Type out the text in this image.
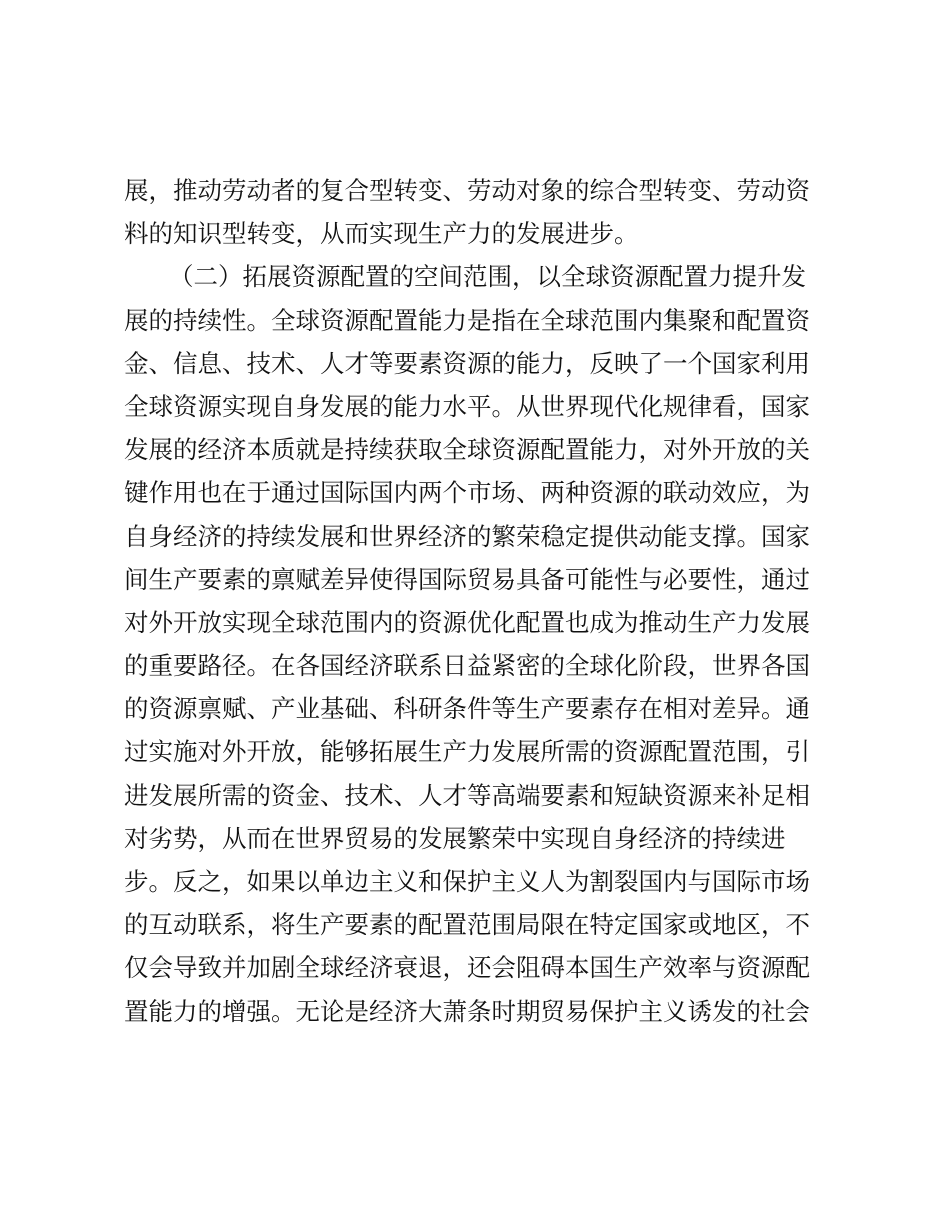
展，推动劳动者的复合型转变、劳动对象的综合型转变、劳动资

料的知识型转变，从而实现生产力的发展进步。

（二）拓展资源配置的空间范围，以全球资源配置力提升发

展的持续性。全球资源配置能力是指在全球范围内集聚和配置资

金、信息、技术、人才等要素资源的能力，反映了一个国家利用

全球资源实现自身发展的能力水平。从世界现代化规律看，国家

发展的经济本质就是持续获取全球资源配置能力，对外开放的关

键作用也在于通过国际国内两个市场、两种资源的联动效应，为

自身经济的持续发展和世界经济的繁荣稳定提供动能支撑。国家

间生产要素的禀赋差异使得国际贸易具备可能性与必要性，通过

对外开放实现全球范围内的资源优化配置也成为推动生产力发展

的重要路径。在各国经济联系日益紧密的全球化阶段，世界各国

的资源禀赋、产业基础、科研条件等生产要素存在相对差异。通

过实施对外开放，能够拓展生产力发展所需的资源配置范围，引

进发展所需的资金、技术、人才等高端要素和短缺资源来补足相

对劣势，从而在世界贸易的发展繁荣中实现自身经济的持续进

步。反之，如果以单边主义和保护主义人为割裂国内与国际市场

的互动联系，将生产要素的配置范围局限在特定国家或地区，不

仅会导致并加剧全球经济衰退，还会阻碍本国生产效率与资源配

置能力的增强。无论是经济大萧条时期贸易保护主义诱发的社会
